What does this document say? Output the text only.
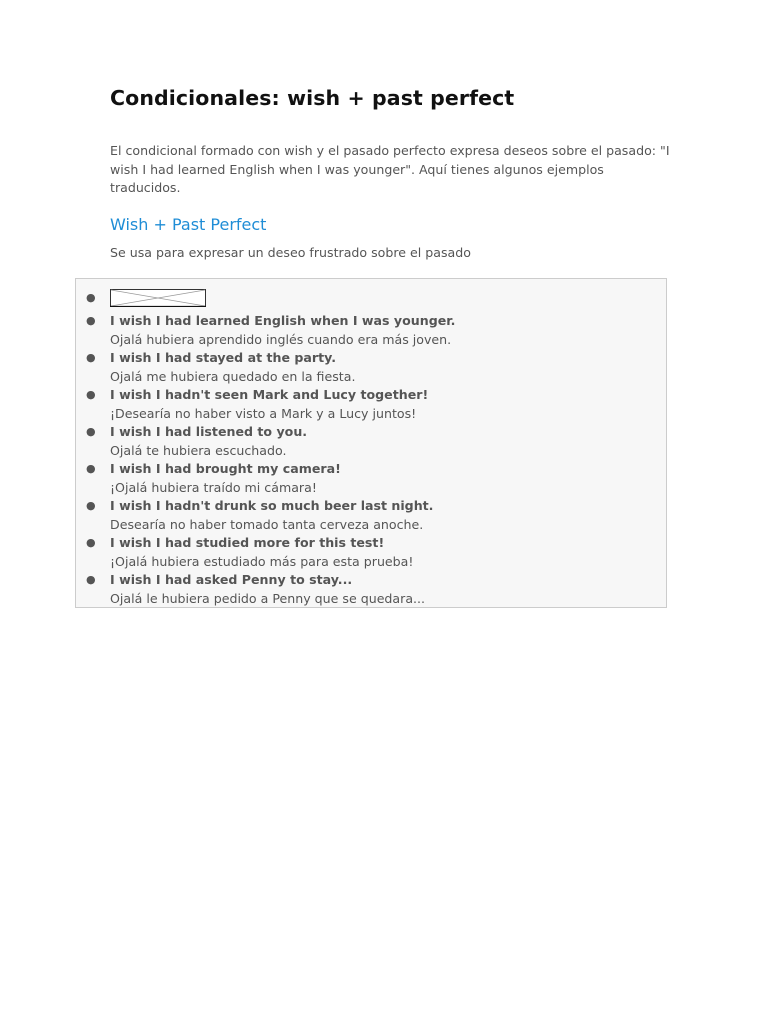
Condicionales: wish + past perfect

El condicional formado con wish y el pasado perfecto expresa deseos sobre el pasado: "I wish I had learned English when I was younger". Aquí tienes algunos ejemplos traducidos.

Wish + Past Perfect

Se usa para expresar un deseo frustrado sobre el pasado

●
● I wish I had learned English when I was younger.
Ojalá hubiera aprendido inglés cuando era más joven.
● I wish I had stayed at the party.
Ojalá me hubiera quedado en la fiesta.
● I wish I hadn't seen Mark and Lucy together!
¡Desearía no haber visto a Mark y a Lucy juntos!
● I wish I had listened to you.
Ojalá te hubiera escuchado.
● I wish I had brought my camera!
¡Ojalá hubiera traído mi cámara!
● I wish I hadn't drunk so much beer last night.
Desearía no haber tomado tanta cerveza anoche.
● I wish I had studied more for this test!
¡Ojalá hubiera estudiado más para esta prueba!
● I wish I had asked Penny to stay...
Ojalá le hubiera pedido a Penny que se quedara...
